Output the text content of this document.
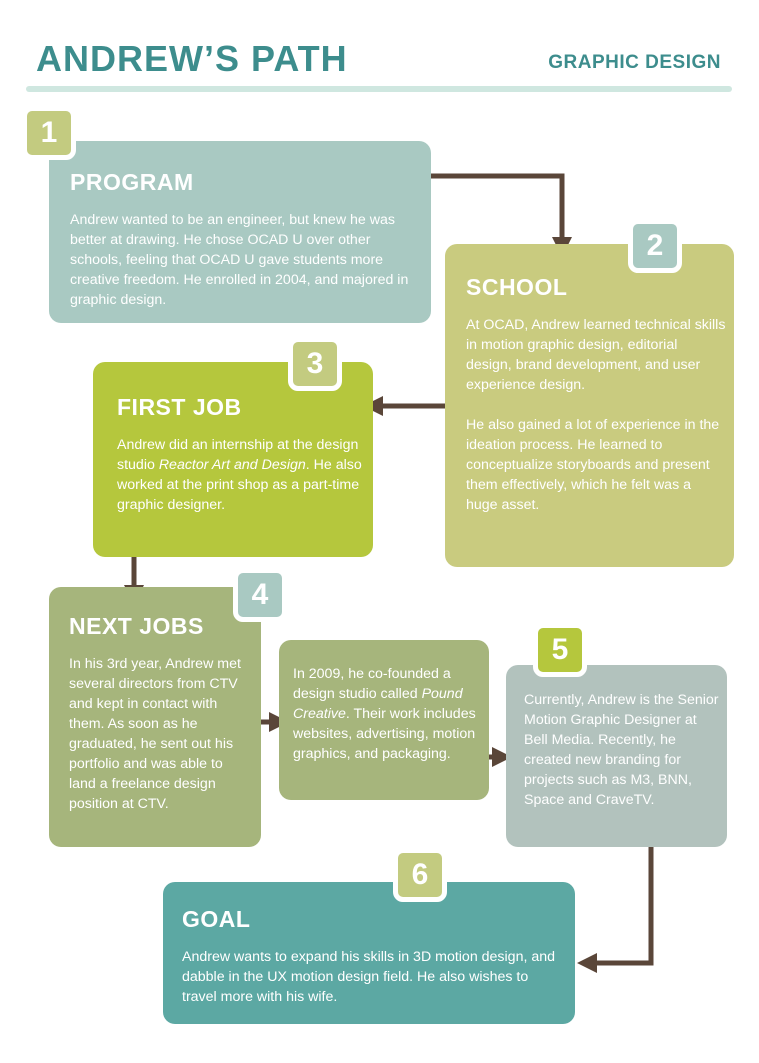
ANDREW’S PATH	GRAPHIC DESIGN
PROGRAM

Andrew wanted to be an engineer, but knew he was better at drawing. He chose OCAD U over other schools, feeling that OCAD U gave students more creative freedom. He enrolled in 2004, and majored in graphic design.

1
SCHOOL

At OCAD, Andrew learned technical skills in motion graphic design, editorial design, brand development, and user experience design.

He also gained a lot of experience in the ideation process. He learned to conceptualize storyboards and present them effectively, which he felt was a huge asset.

2
FIRST JOB

Andrew did an internship at the design studio Reactor Art and Design. He also worked at the print shop as a part-time graphic designer.

3
NEXT JOBS

In his 3rd year, Andrew met several directors from CTV and kept in contact with them. As soon as he graduated, he sent out his portfolio and was able to land a freelance design position at CTV.

4

In 2009, he co-founded a design studio called Pound Creative. Their work includes websites, advertising, motion graphics, and packaging.

Currently, Andrew is the Senior Motion Graphic Designer at Bell Media. Recently, he created new branding for projects such as M3, BNN, Space and CraveTV.

5
GOAL

Andrew wants to expand his skills in 3D motion design, and dabble in the UX motion design field. He also wishes to travel more with his wife.

6
